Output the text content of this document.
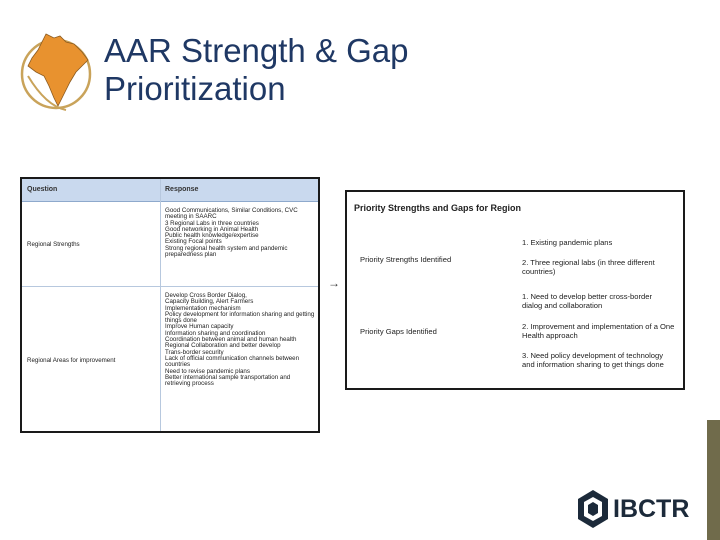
AAR Strength & Gap
Prioritization
Question	Response
Regional Strengths
Good Communications, Similar Conditions, CVC meeting in SAARC
3 Regional Labs in three countries
Good networking in Animal Health
Public health knowledge/expertise
Existing Focal points
Strong regional health system and pandemic preparedness plan
Regional Areas for improvement
Develop Cross Border Dialog,
Capacity Building, Alert Farmers
Implementation mechanism
Policy development for information sharing and getting things done
Improve Human capacity
Information sharing and coordination
Coordination between animal and human health
Regional Collaboration and better develop
Trans-border security
Lack of official communication channels between countries
Need to revise pandemic plans
Better international sample transportation and retrieving process
→
Priority Strengths and Gaps for Region
Priority Strengths Identified
1. Existing pandemic plans
2. Three regional labs (in three different countries)
Priority Gaps Identified
1. Need to develop better cross-border dialog and collaboration
2. Improvement and implementation of a One Health approach
3. Need policy development of technology and information sharing to get things done
IBCTR
